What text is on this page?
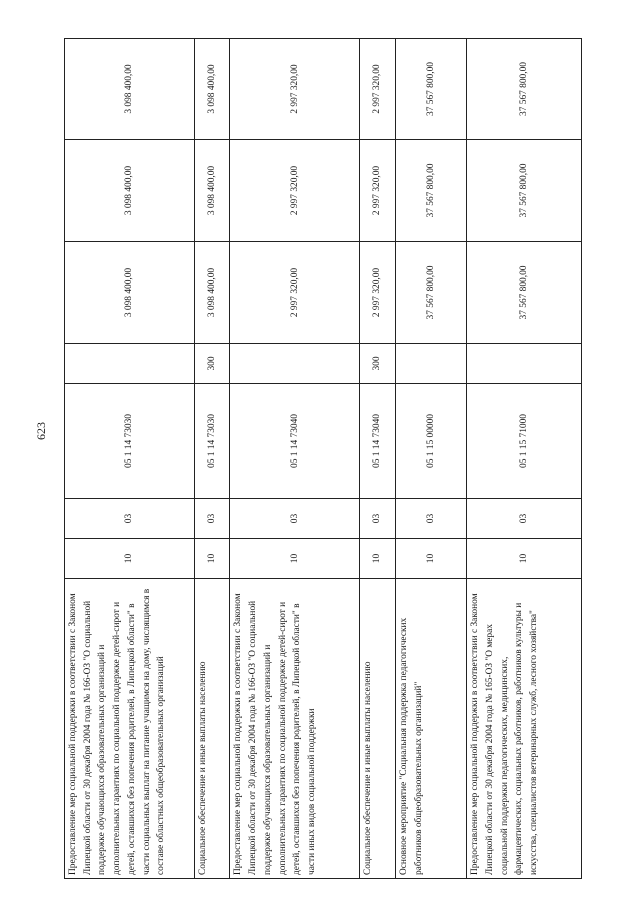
623
Предоставление мер социальной поддержки в соответствии с Законом Липецкой области от 30 декабря 2004 года № 166-ОЗ "О социальной поддержке обучающихся образовательных организаций и дополнительных гарантиях по социальной поддержке детей-сирот и детей, оставшихся без попечения родителей, в Липецкой области" в части социальных выплат на питание учащимся на дому, числящимся в составе областных общеобразовательных организаций	10	03	05 1 14 73030		3 098 400,00	3 098 400,00	3 098 400,00
Социальное обеспечение и иные выплаты населению	10	03	05 1 14 73030	300	3 098 400,00	3 098 400,00	3 098 400,00
Предоставление мер социальной поддержки в соответствии с Законом Липецкой области от 30 декабря 2004 года № 166-ОЗ "О социальной поддержке обучающихся образовательных организаций и дополнительных гарантиях по социальной поддержке детей-сирот и детей, оставшихся без попечения родителей, в Липецкой области" в части иных видов социальной поддержки	10	03	05 1 14 73040		2 997 320,00	2 997 320,00	2 997 320,00
Социальное обеспечение и иные выплаты населению	10	03	05 1 14 73040	300	2 997 320,00	2 997 320,00	2 997 320,00
Основное мероприятие "Социальная поддержка педагогических работников общеобразовательных организаций"	10	03	05 1 15 00000		37 567 800,00	37 567 800,00	37 567 800,00
Предоставление мер социальной поддержки в соответствии с Законом Липецкой области от 30 декабря 2004 года № 165-ОЗ "О мерах социальной поддержки педагогических, медицинских, фармацевтических, социальных работников, работников культуры и искусства, специалистов ветеринарных служб, лесного хозяйства"	10	03	05 1 15 71000		37 567 800,00	37 567 800,00	37 567 800,00
